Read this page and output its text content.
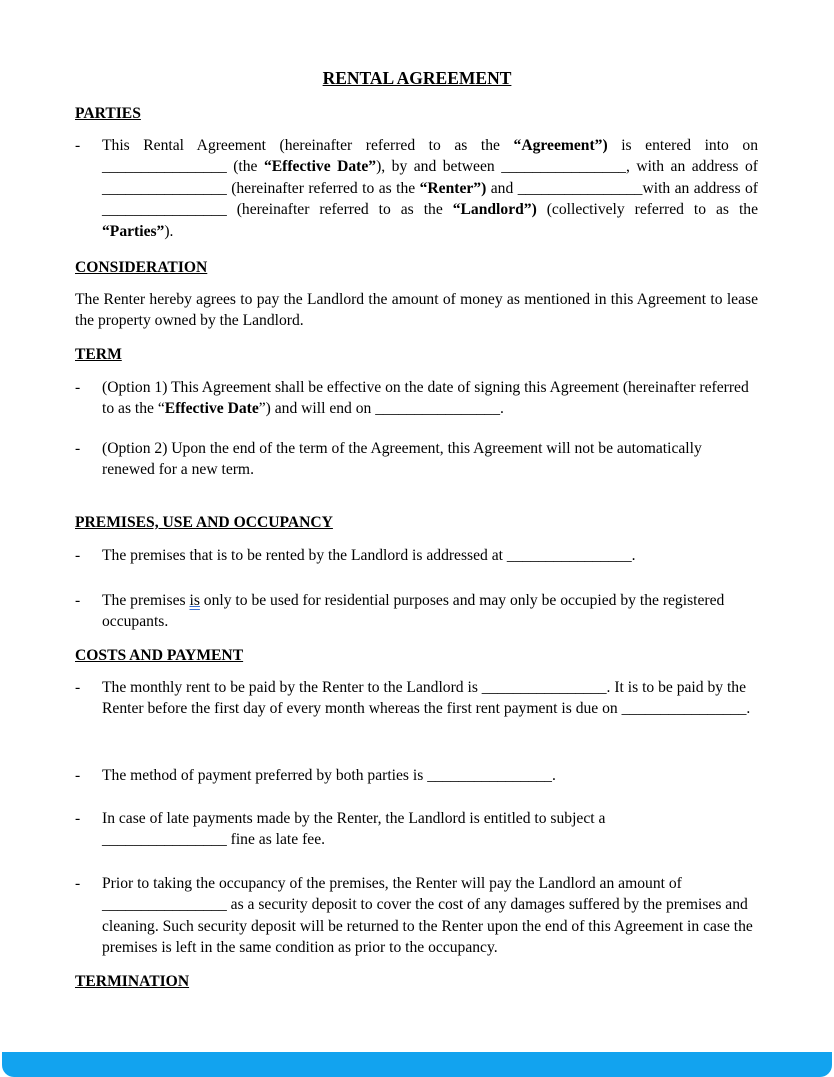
RENTAL AGREEMENT
PARTIES
- This Rental Agreement (hereinafter referred to as the “Agreement”) is entered into on ________________ (the “Effective Date”), by and between ________________, with an address of ________________ (hereinafter referred to as the “Renter”) and ________________with an address of ________________ (hereinafter referred to as the “Landlord”) (collectively referred to as the “Parties”).
CONSIDERATION
The Renter hereby agrees to pay the Landlord the amount of money as mentioned in this Agreement to lease the property owned by the Landlord.
TERM
- (Option 1) This Agreement shall be effective on the date of signing this Agreement (hereinafter referred to as the “Effective Date”) and will end on ________________.
- (Option 2) Upon the end of the term of the Agreement, this Agreement will not be automatically renewed for a new term.
PREMISES, USE AND OCCUPANCY
- The premises that is to be rented by the Landlord is addressed at ________________.
- The premises is only to be used for residential purposes and may only be occupied by the registered occupants.
COSTS AND PAYMENT
- The monthly rent to be paid by the Renter to the Landlord is ________________. It is to be paid by the Renter before the first day of every month whereas the first rent payment is due on ________________.
- The method of payment preferred by both parties is ________________.
- In case of late payments made by the Renter, the Landlord is entitled to subject a
________________ fine as late fee.
- Prior to taking the occupancy of the premises, the Renter will pay the Landlord an amount of ________________ as a security deposit to cover the cost of any damages suffered by the premises and cleaning. Such security deposit will be returned to the Renter upon the end of this Agreement in case the premises is left in the same condition as prior to the occupancy.
TERMINATION
